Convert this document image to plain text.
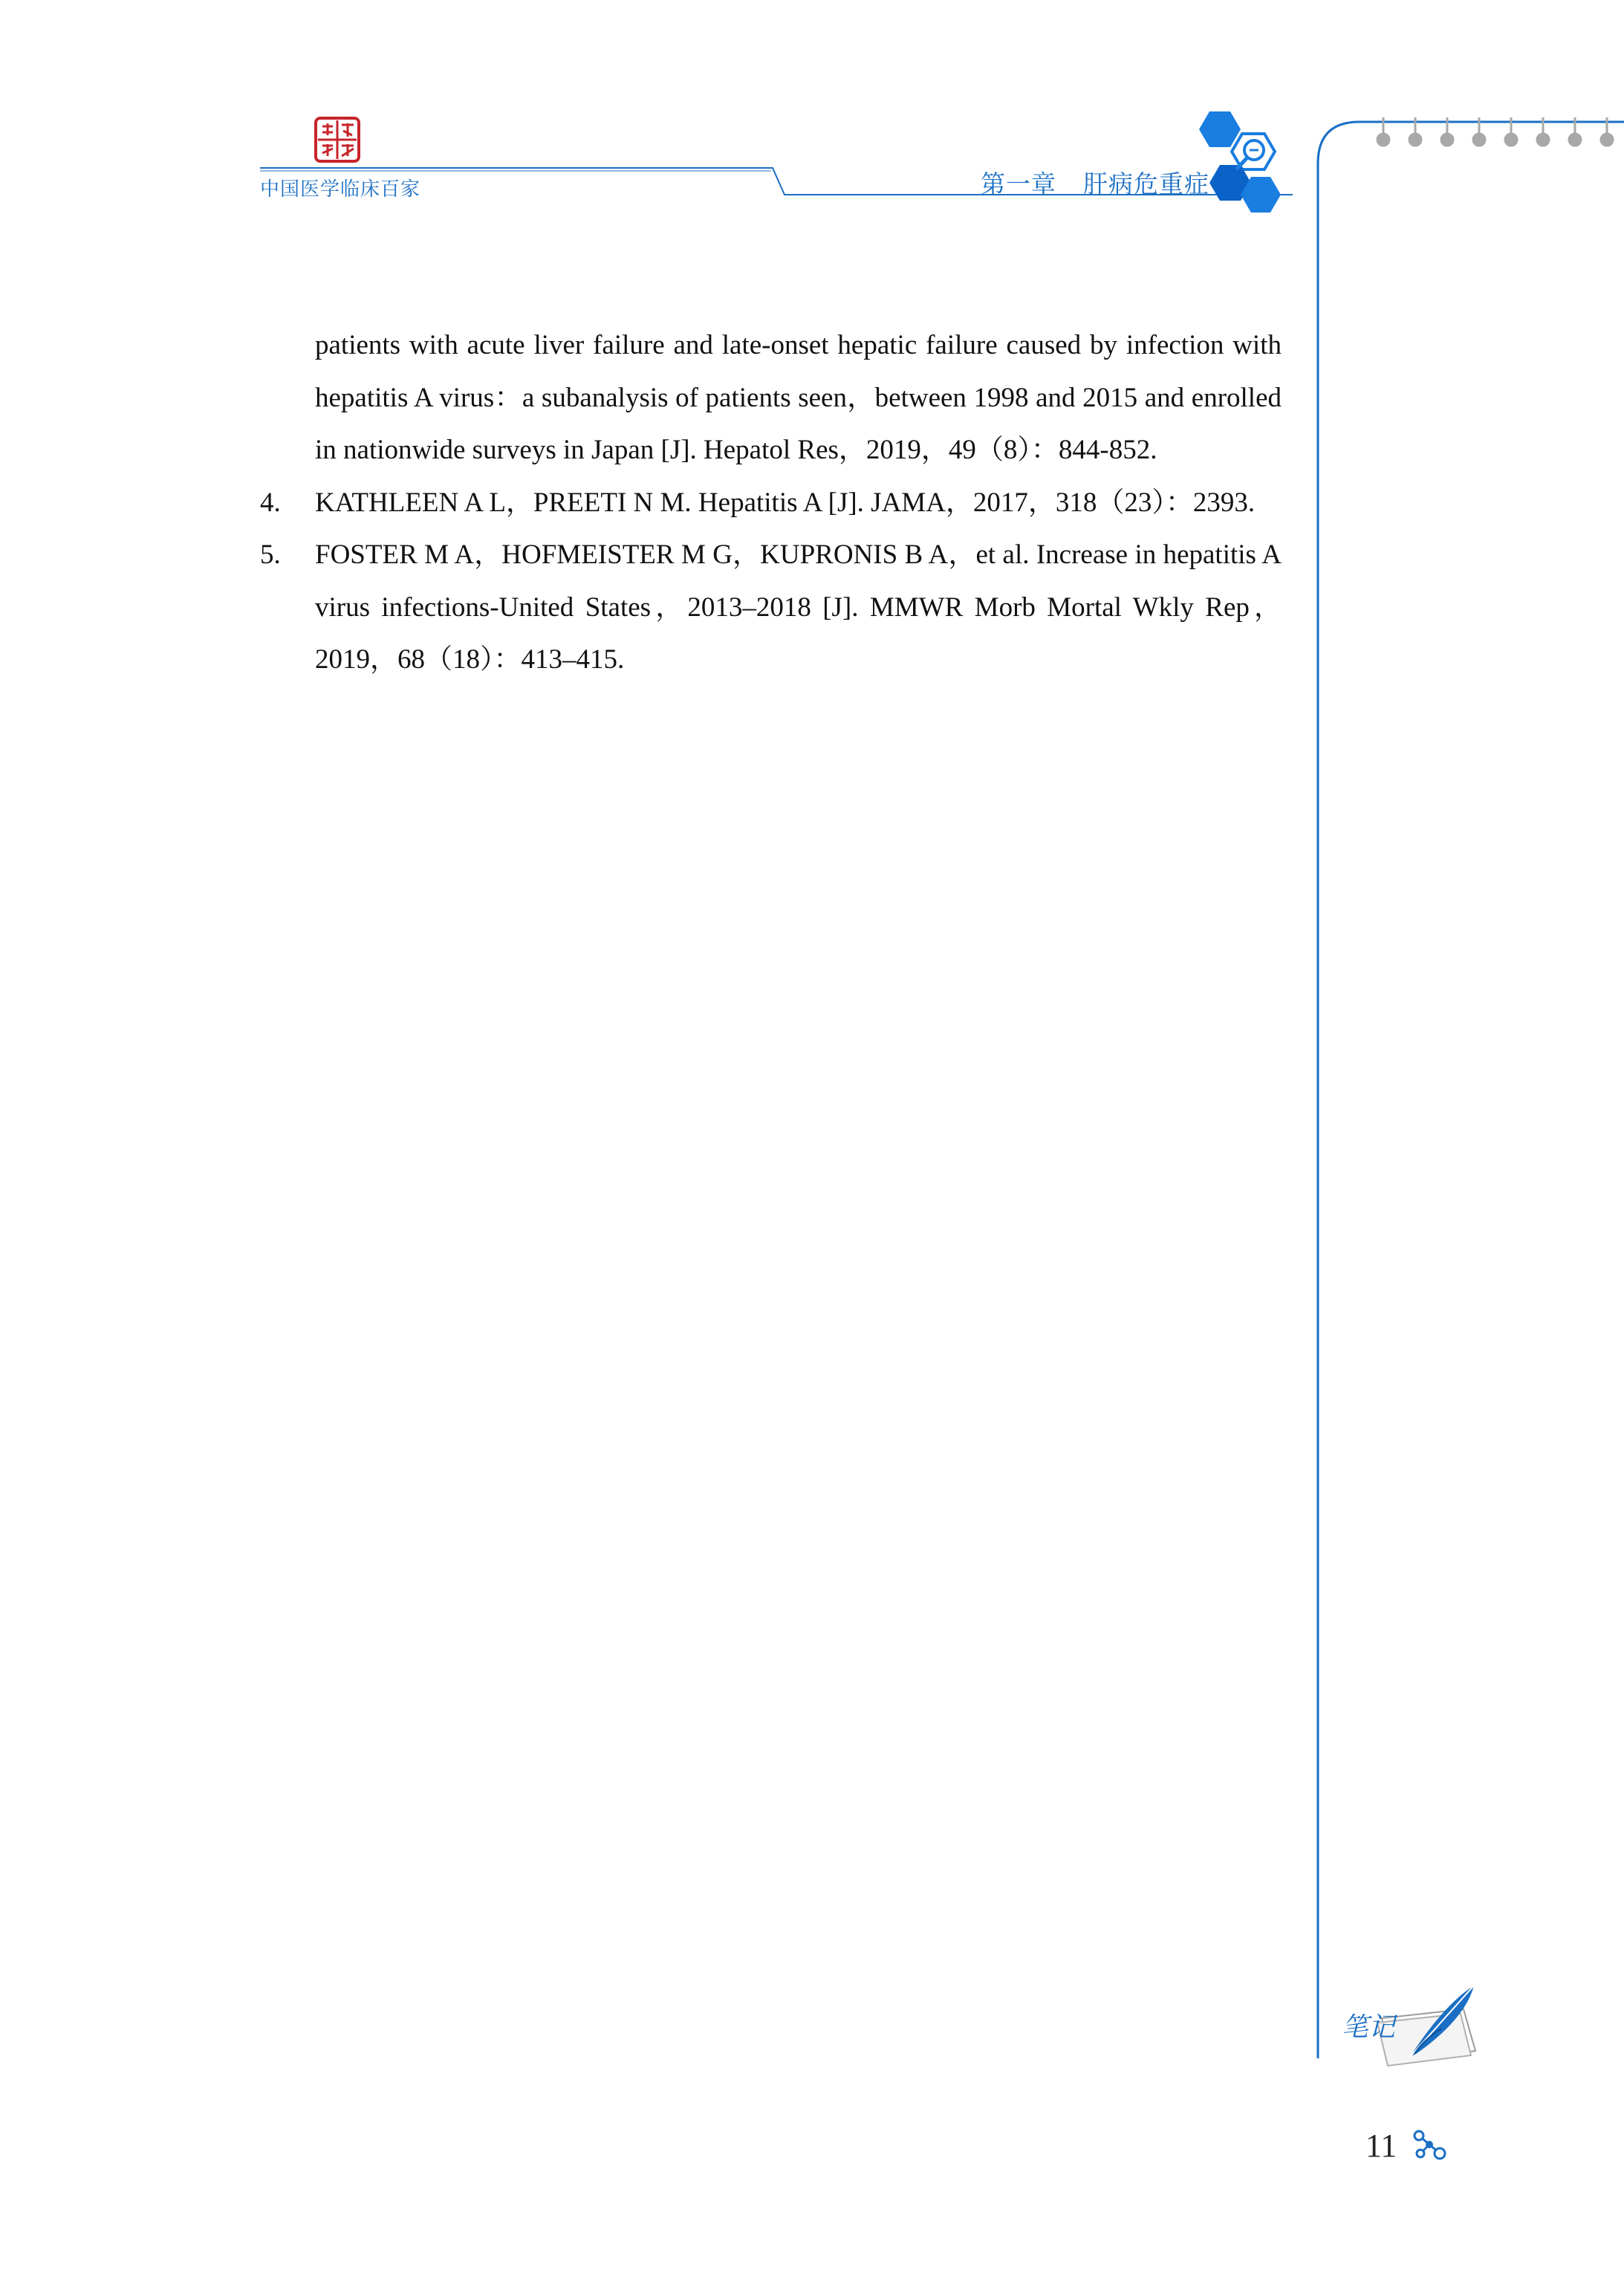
中国医学临床百家	第一章 肝病危重症
笔记
11
patients with acute liver failure and late-onset hepatic failure caused by infection with hepatitis A virus：a subanalysis of patients seen，between 1998 and 2015 and enrolled in nationwide surveys in Japan [J]. Hepatol Res，2019，49（8）：844-852.
4. KATHLEEN A L，PREETI N M. Hepatitis A [J]. JAMA，2017，318（23）：2393.
5. FOSTER M A，HOFMEISTER M G，KUPRONIS B A，et al. Increase in hepatitis A virus infections-United States，2013–2018 [J]. MMWR Morb Mortal Wkly Rep，2019，68（18）：413–415.
